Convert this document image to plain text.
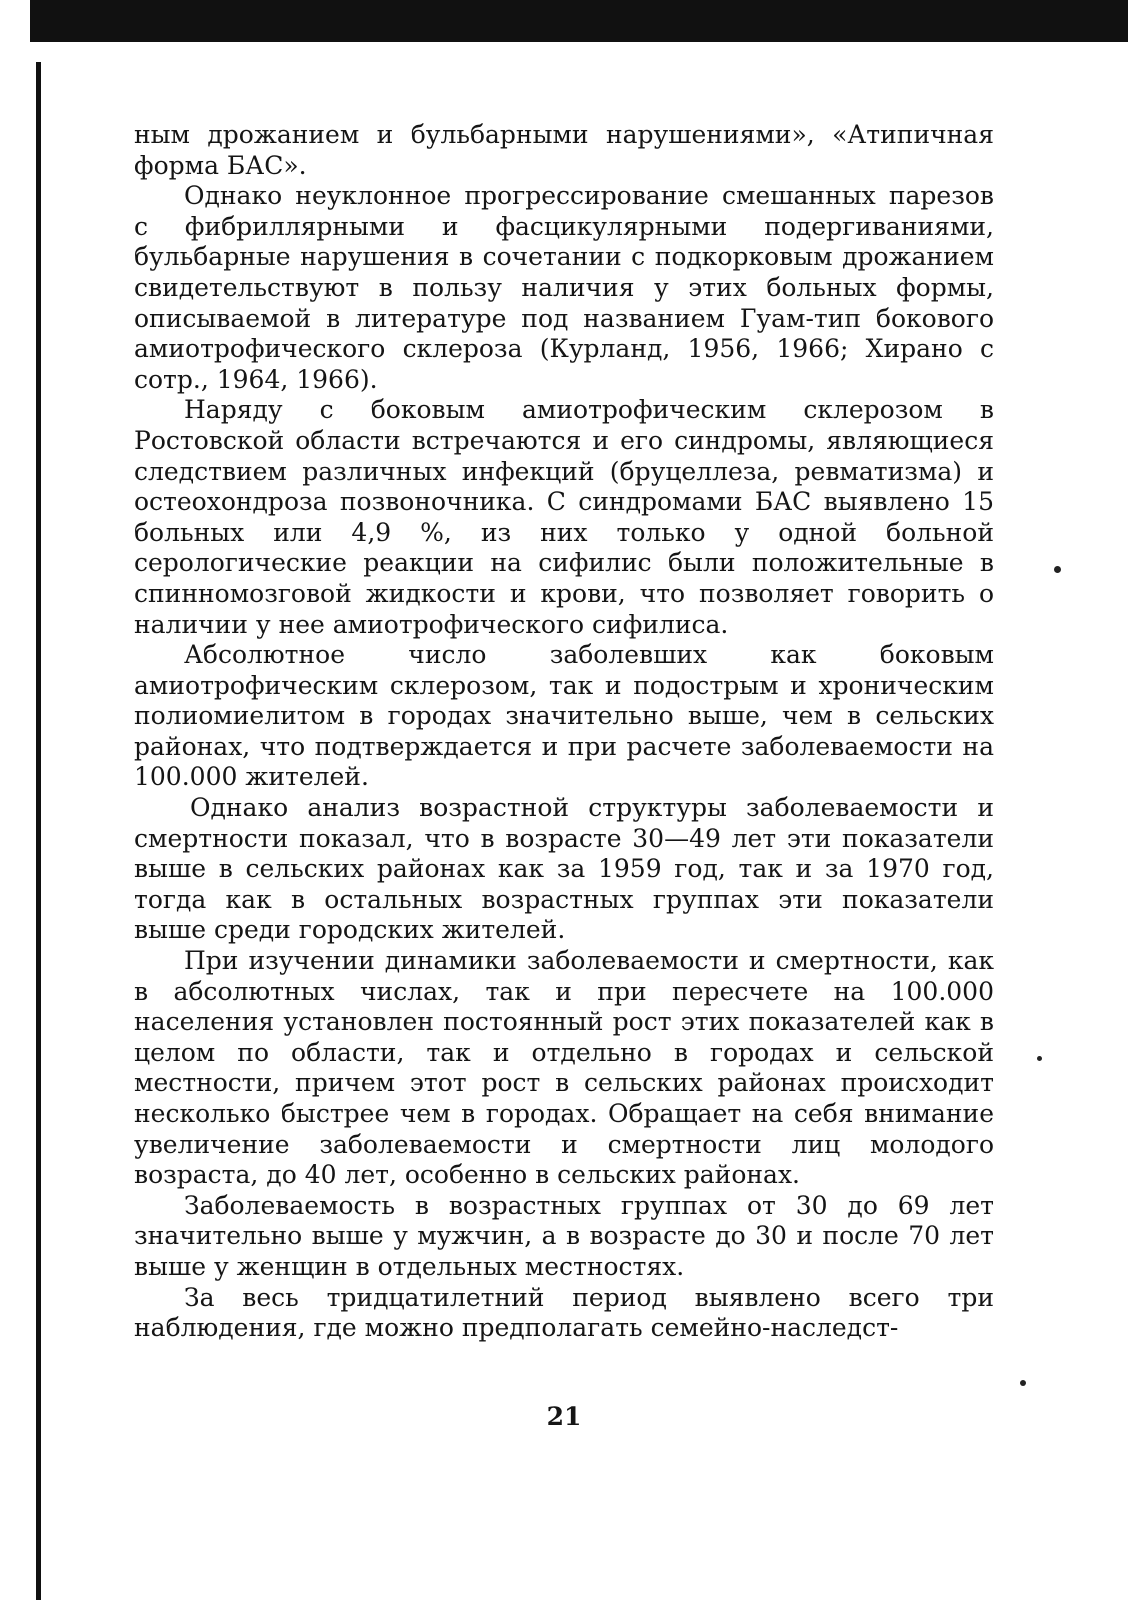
ным дрожанием и бульбарными нарушениями», «Атипичная форма БАС».

Однако неуклонное прогрессирование смешанных парезов с фибриллярными и фасцикулярными подергиваниями, бульбарные нарушения в сочетании с подкорковым дрожанием свидетельствуют в пользу наличия у этих больных формы, описываемой в литературе под названием Гуам-тип бокового амиотрофического склероза (Курланд, 1956, 1966; Хирано с сотр., 1964, 1966).

Наряду с боковым амиотрофическим склерозом в Ростовской области встречаются и его синдромы, являющиеся следствием различных инфекций (бруцеллеза, ревматизма) и остеохондроза позвоночника. С синдромами БАС выявлено 15 больных или 4,9 %, из них только у одной больной серологические реакции на сифилис были положительные в спинномозговой жидкости и крови, что позволяет говорить о наличии у нее амиотрофического сифилиса.

Абсолютное число заболевших как боковым амиотрофическим склерозом, так и подострым и хроническим полиомиелитом в городах значительно выше, чем в сельских районах, что подтверждается и при расчете заболеваемости на 100.000 жителей.

Однако анализ возрастной структуры заболеваемости и смертности показал, что в возрасте 30—49 лет эти показатели выше в сельских районах как за 1959 год, так и за 1970 год, тогда как в остальных возрастных группах эти показатели выше среди городских жителей.

При изучении динамики заболеваемости и смертности, как в абсолютных числах, так и при пересчете на 100.000 населения установлен постоянный рост этих показателей как в целом по области, так и отдельно в городах и сельской местности, причем этот рост в сельских районах происходит несколько быстрее чем в городах. Обращает на себя внимание увеличение заболеваемости и смертности лиц молодого возраста, до 40 лет, особенно в сельских районах.

Заболеваемость в возрастных группах от 30 до 69 лет значительно выше у мужчин, а в возрасте до 30 и после 70 лет выше у женщин в отдельных местностях.

За весь тридцатилетний период выявлено всего три наблюдения, где можно предполагать семейно-наследст-

21
